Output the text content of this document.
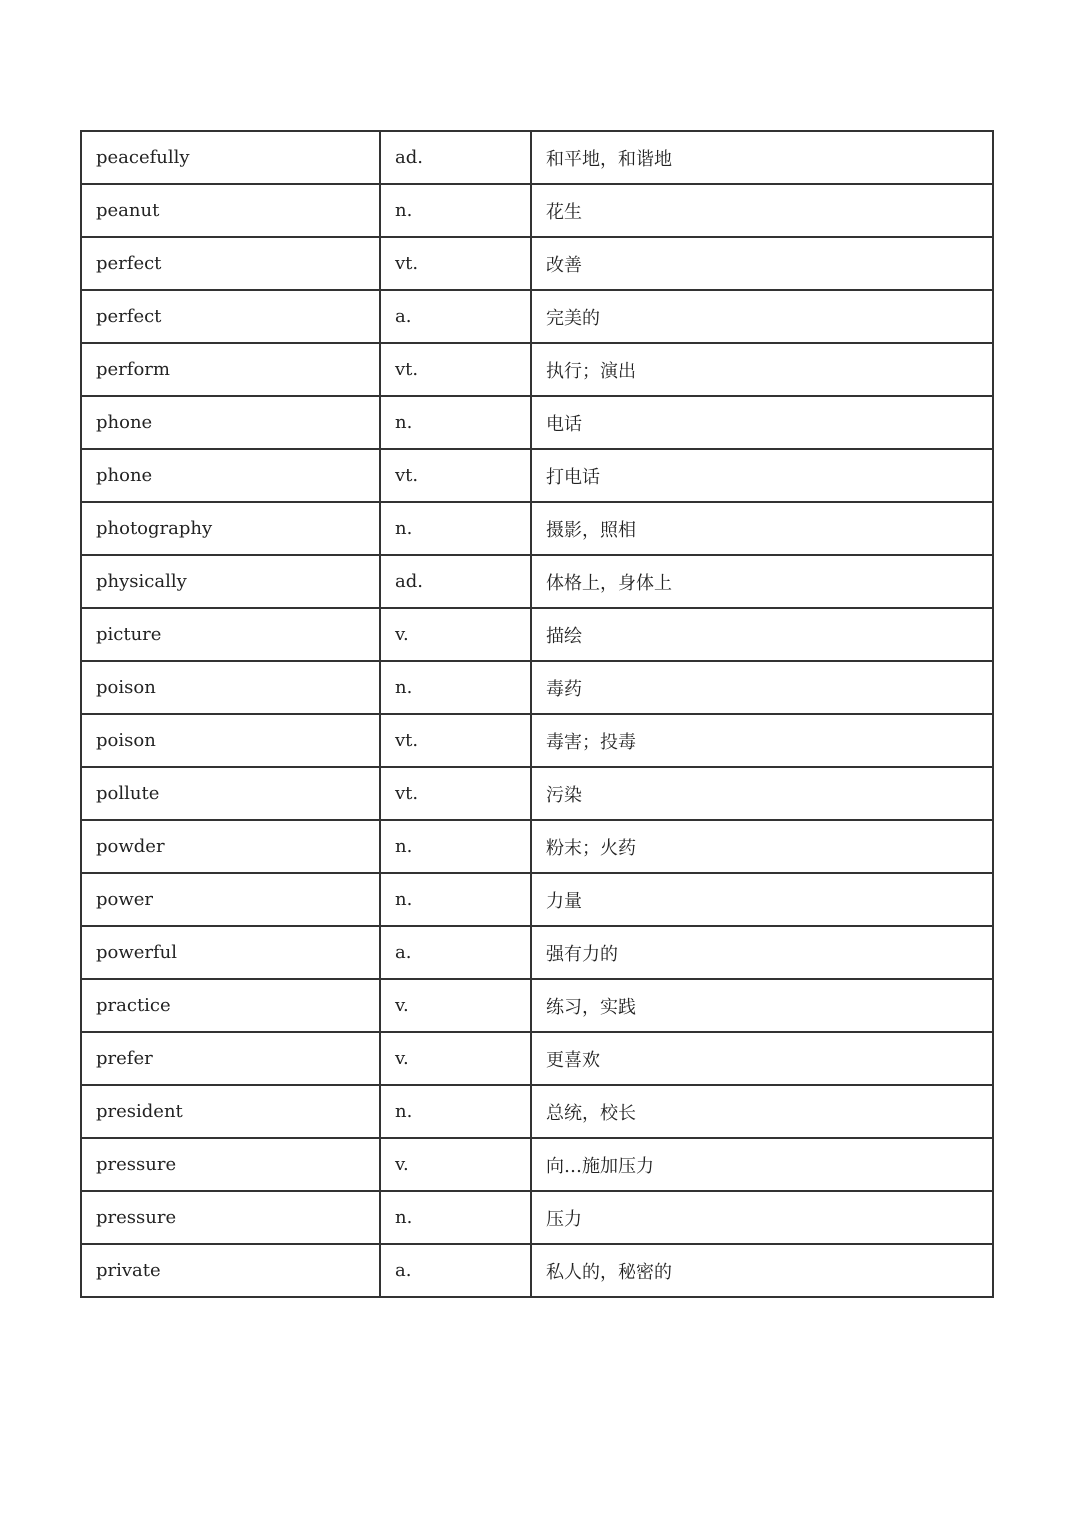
peacefully	ad.	和平地，和谐地
peanut	n.	花生
perfect	vt.	改善
perfect	a.	完美的
perform	vt.	执行；演出
phone	n.	电话
phone	vt.	打电话
photography	n.	摄影，照相
physically	ad.	体格上，身体上
picture	v.	描绘
poison	n.	毒药
poison	vt.	毒害；投毒
pollute	vt.	污染
powder	n.	粉末；火药
power	n.	力量
powerful	a.	强有力的
practice	v.	练习，实践
prefer	v.	更喜欢
president	n.	总统，校长
pressure	v.	向…施加压力
pressure	n.	压力
private	a.	私人的，秘密的
